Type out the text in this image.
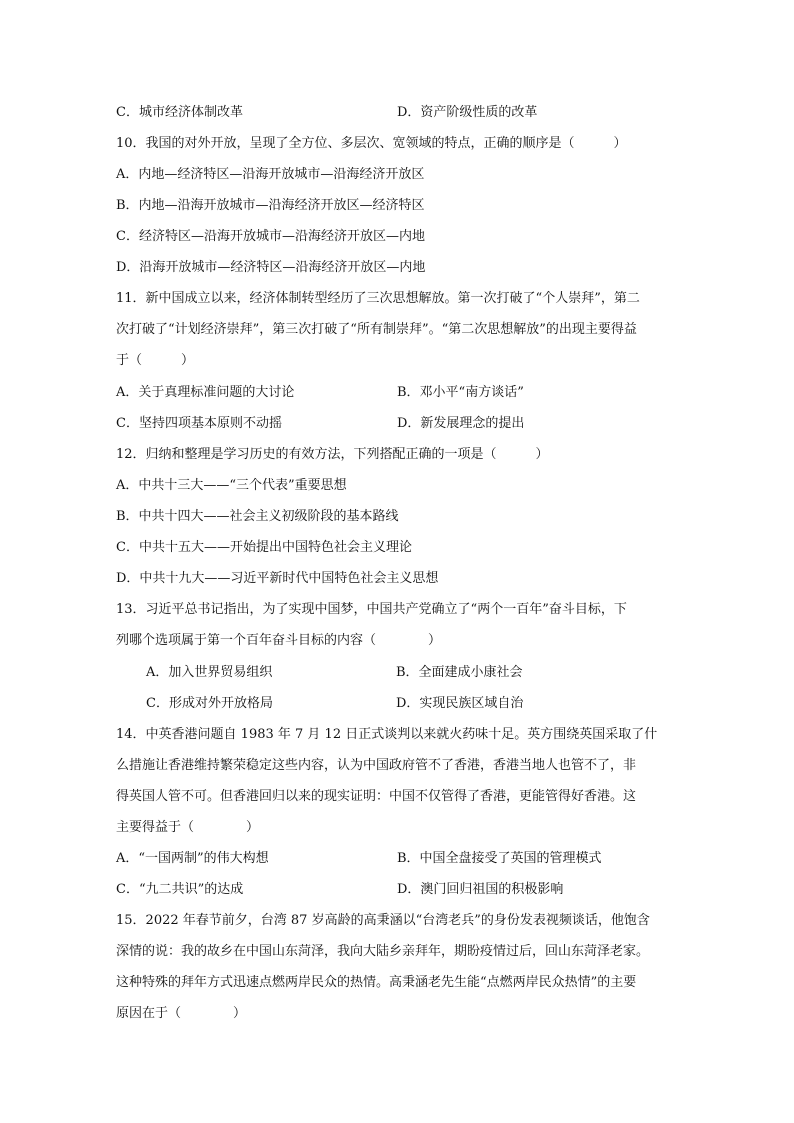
C．城市经济体制改革	D．资产阶级性质的改革
10．我国的对外开放，呈现了全方位、多层次、宽领域的特点，正确的顺序是（　　　）
A．内地—经济特区—沿海开放城市—沿海经济开放区
B．内地—沿海开放城市—沿海经济开放区—经济特区
C．经济特区—沿海开放城市—沿海经济开放区—内地
D．沿海开放城市—经济特区—沿海经济开放区—内地
11．新中国成立以来，经济体制转型经历了三次思想解放。第一次打破了“个人崇拜”，第二
次打破了“计划经济崇拜”，第三次打破了“所有制崇拜”。“第二次思想解放”的出现主要得益
于（　　　）
A．关于真理标准问题的大讨论	B．邓小平“南方谈话”
C．坚持四项基本原则不动摇	D．新发展理念的提出
12．归纳和整理是学习历史的有效方法，下列搭配正确的一项是（　　　）
A．中共十三大——“三个代表”重要思想
B．中共十四大——社会主义初级阶段的基本路线
C．中共十五大——开始提出中国特色社会主义理论
D．中共十九大——习近平新时代中国特色社会主义思想
13．习近平总书记指出，为了实现中国梦，中国共产党确立了“两个一百年”奋斗目标，下
列哪个选项属于第一个百年奋斗目标的内容（　　　　）
A．加入世界贸易组织	B．全面建成小康社会
C．形成对外开放格局	D．实现民族区域自治
14．中英香港问题自 1983 年 7 月 12 日正式谈判以来就火药味十足。英方围绕英国采取了什
么措施让香港维持繁荣稳定这些内容，认为中国政府管不了香港，香港当地人也管不了，非
得英国人管不可。但香港回归以来的现实证明：中国不仅管得了香港，更能管得好香港。这
主要得益于（　　　　）
A．“一国两制”的伟大构想	B．中国全盘接受了英国的管理模式
C．“九二共识”的达成	D．澳门回归祖国的积极影响
15．2022 年春节前夕，台湾 87 岁高龄的高秉涵以“台湾老兵”的身份发表视频谈话，他饱含
深情的说：我的故乡在中国山东菏泽，我向大陆乡亲拜年，期盼疫情过后，回山东菏泽老家。
这种特殊的拜年方式迅速点燃两岸民众的热情。高秉涵老先生能“点燃两岸民众热情”的主要
原因在于（　　　　）
